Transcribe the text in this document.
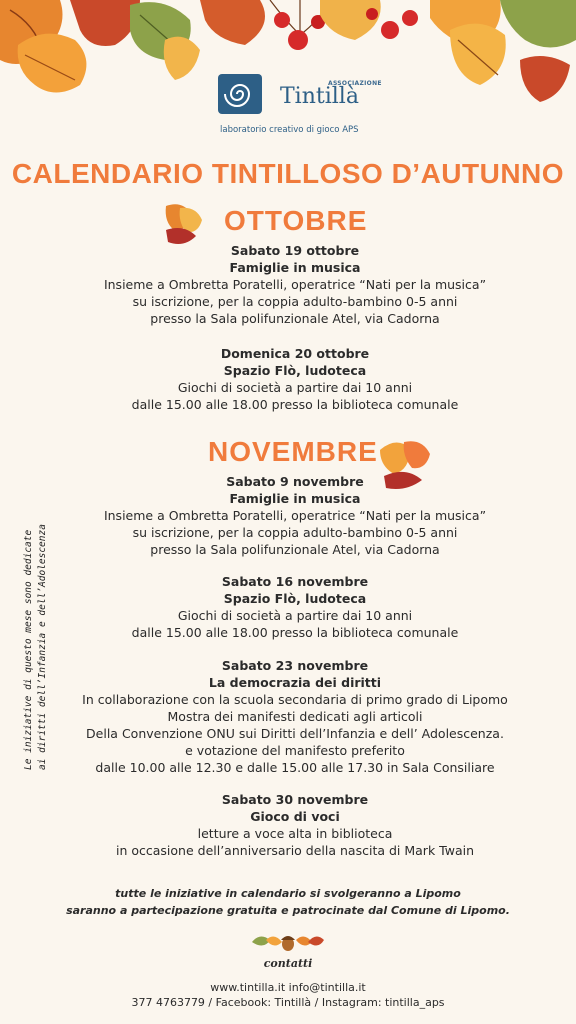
ASSOCIAZIONE
Tintillà
laboratorio creativo di gioco APS
CALENDARIO TINTILLOSO D’AUTUNNO
OTTOBRE
Sabato 19 ottobre
Famiglie in musica
Insieme a Ombretta Poratelli, operatrice “Nati per la musica”
su iscrizione, per la coppia adulto-bambino 0-5 anni
presso la Sala polifunzionale Atel, via Cadorna
Domenica 20 ottobre
Spazio Flò, ludoteca
Giochi di società a partire dai 10 anni
dalle 15.00 alle 18.00 presso la biblioteca comunale
NOVEMBRE
Sabato 9 novembre
Famiglie in musica
Insieme a Ombretta Poratelli, operatrice “Nati per la musica”
su iscrizione, per la coppia adulto-bambino 0-5 anni
presso la Sala polifunzionale Atel, via Cadorna
Sabato 16 novembre
Spazio Flò, ludoteca
Giochi di società a partire dai 10 anni
dalle 15.00 alle 18.00 presso la biblioteca comunale
Sabato 23 novembre
La democrazia dei diritti
In collaborazione con la scuola secondaria di primo grado di Lipomo
Mostra dei manifesti dedicati agli articoli
Della Convenzione ONU sui Diritti dell’Infanzia e dell’ Adolescenza.
e votazione del manifesto preferito
dalle 10.00 alle 12.30 e dalle 15.00 alle 17.30 in Sala Consiliare
Sabato 30 novembre
Gioco di voci
letture a voce alta in biblioteca
in occasione dell’anniversario della nascita di Mark Twain
Le iniziative di questo mese sono dedicate ai diritti dell’Infanzia e dell’Adolescenza
tutte le iniziative in calendario si svolgeranno a Lipomo
saranno a partecipazione gratuita e patrocinate dal Comune di Lipomo.
contatti
www.tintilla.it info@tintilla.it
377 4763779 / Facebook: Tintillà / Instagram: tintilla_aps
